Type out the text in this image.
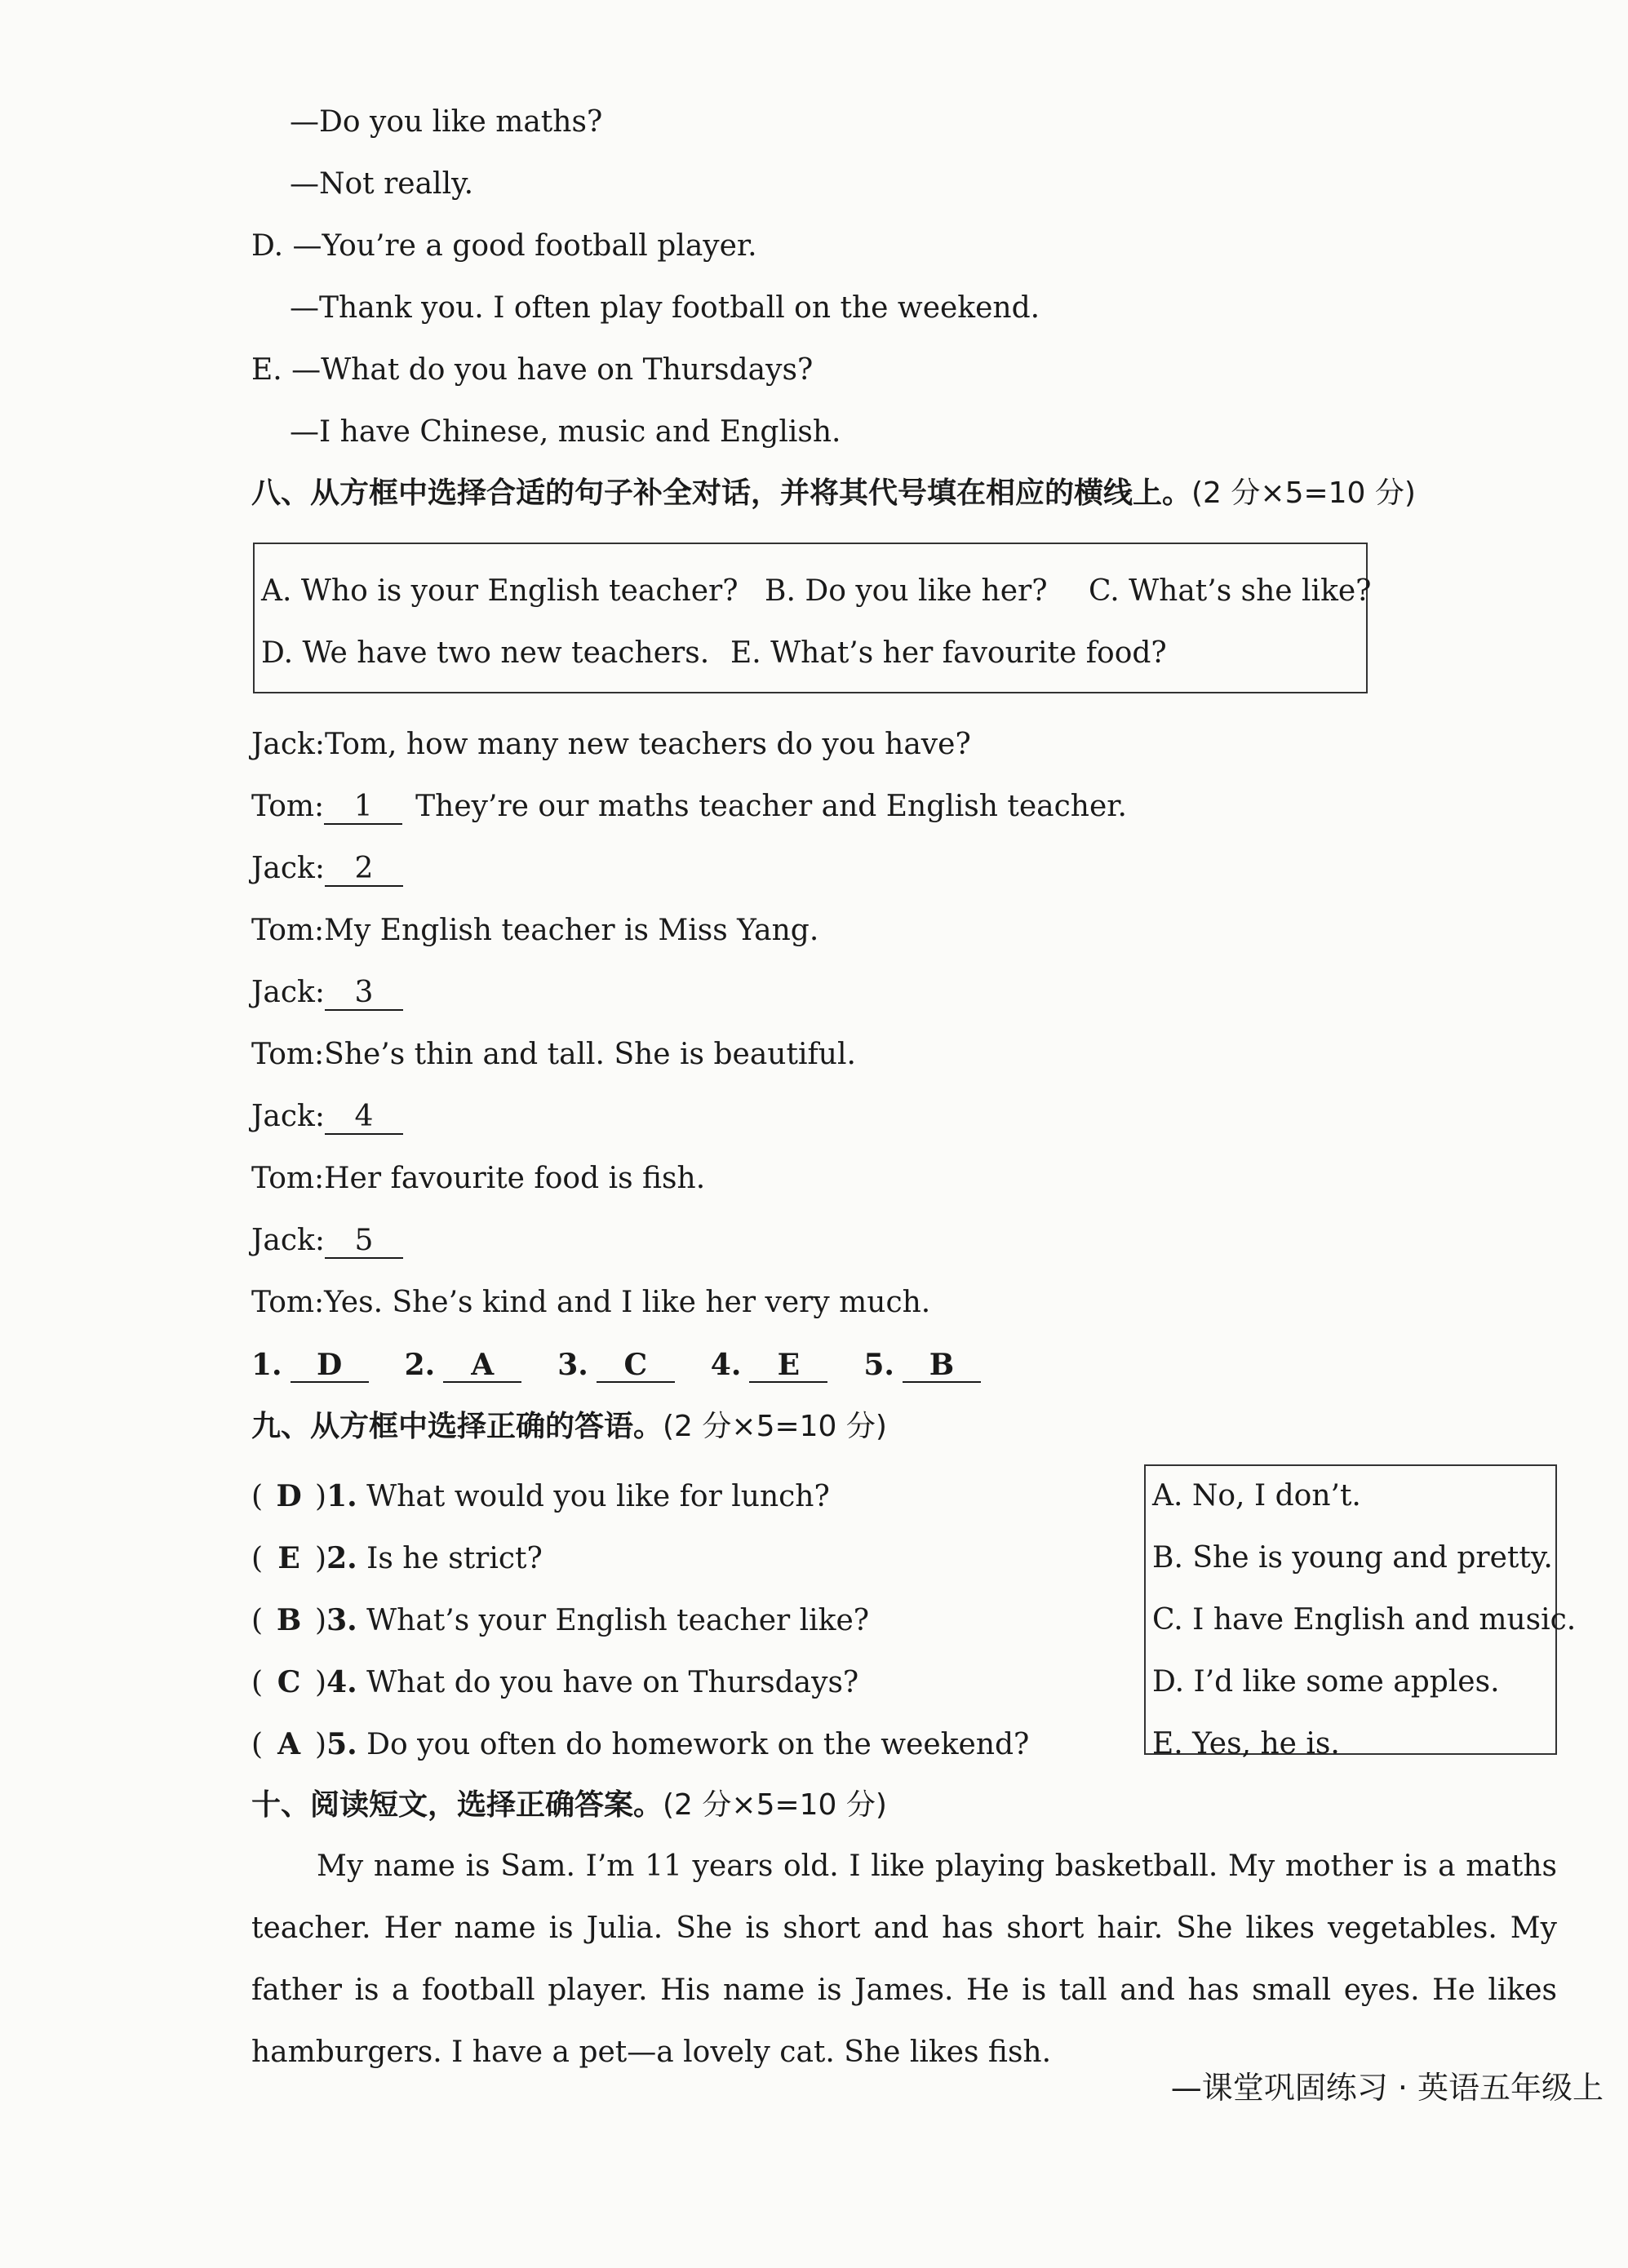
—Do you like maths?
—Not really.
D. —You’re a good football player.
—Thank you. I often play football on the weekend.
E. —What do you have on Thursdays?
—I have Chinese, music and English.
八、从方框中选择合适的句子补全对话，并将其代号填在相应的横线上。(2 分×5=10 分)
A. Who is your English teacher? B. Do you like her? C. What’s she like?
D. We have two new teachers. E. What’s her favourite food?
Jack:Tom, how many new teachers do you have?
Tom: 1 They’re our maths teacher and English teacher.
Jack: 2
Tom:My English teacher is Miss Yang.
Jack: 3
Tom:She’s thin and tall. She is beautiful.
Jack: 4
Tom:Her favourite food is fish.
Jack: 5
Tom:Yes. She’s kind and I like her very much.
1. D 2. A 3. C 4. E 5. B
九、从方框中选择正确的答语。(2 分×5=10 分)
( D )1. What would you like for lunch?
( E )2. Is he strict?
( B )3. What’s your English teacher like?
( C )4. What do you have on Thursdays?
( A )5. Do you often do homework on the weekend?
A. No, I don’t.
B. She is young and pretty.
C. I have English and music.
D. I’d like some apples.
E. Yes, he is.
十、阅读短文，选择正确答案。(2 分×5=10 分)
My name is Sam. I’m 11 years old. I like playing basketball. My mother is a maths teacher. Her name is Julia. She is short and has short hair. She likes vegetables. My father is a football player. His name is James. He is tall and has small eyes. He likes hamburgers. I have a pet—a lovely cat. She likes fish.
—课堂巩固练习 · 英语五年级上
